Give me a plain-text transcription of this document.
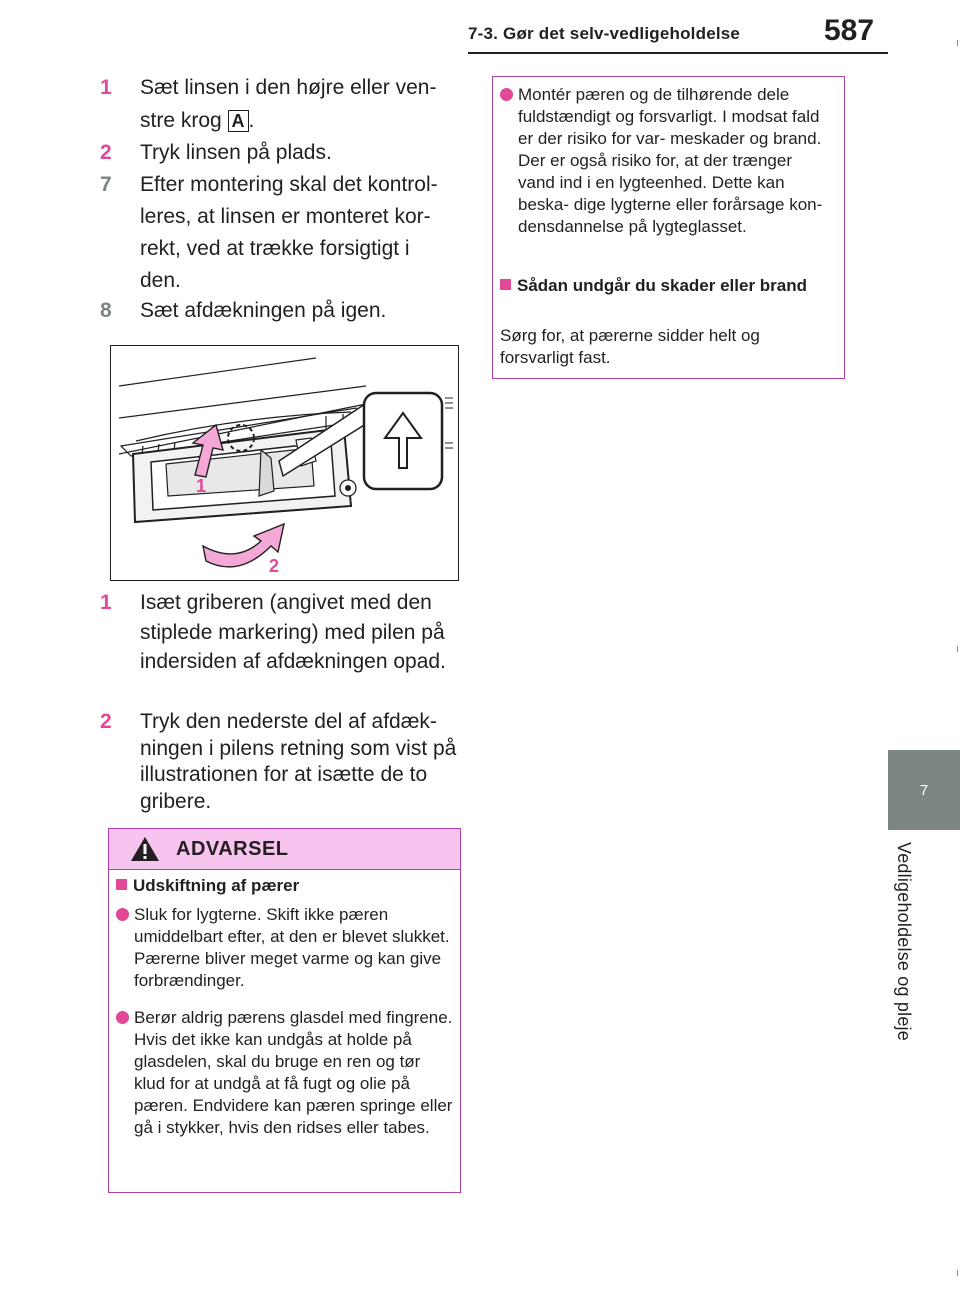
7-3. Gør det selv-vedligeholdelse	587
7
Vedligeholdelse og pleje
1	Sæt linsen i den højre eller ven-
stre krog A .
2	Tryk linsen på plads.
7	Efter montering skal det kontrol- leres, at linsen er monteret kor- rekt, ved at trække forsigtigt i den.
8	Sæt afdækningen på igen.
1
2
1	Isæt griberen (angivet med den stiplede markering) med pilen på indersiden af afdækningen opad.
2	Tryk den nederste del af afdæk- ningen i pilens retning som vist på illustrationen for at isætte de to gribere.
ADVARSEL
Udskiftning af pærer
Sluk for lygterne. Skift ikke pæren umiddelbart efter, at den er blevet slukket. Pærerne bliver meget varme og kan give forbrændinger.
Berør aldrig pærens glasdel med fingrene. Hvis det ikke kan undgås at holde på glasdelen, skal du bruge en ren og tør klud for at undgå at få fugt og olie på pæren. Endvidere kan pæren springe eller gå i stykker, hvis den ridses eller tabes.
Montér pæren og de tilhørende dele fuldstændigt og forsvarligt. I modsat fald er der risiko for var- meskader og brand. Der er også risiko for, at der trænger vand ind i en lygteenhed. Dette kan beska- dige lygterne eller forårsage kon- densdannelse på lygteglasset.
Sådan undgår du skader eller brand
Sørg for, at pærerne sidder helt og forsvarligt fast.
